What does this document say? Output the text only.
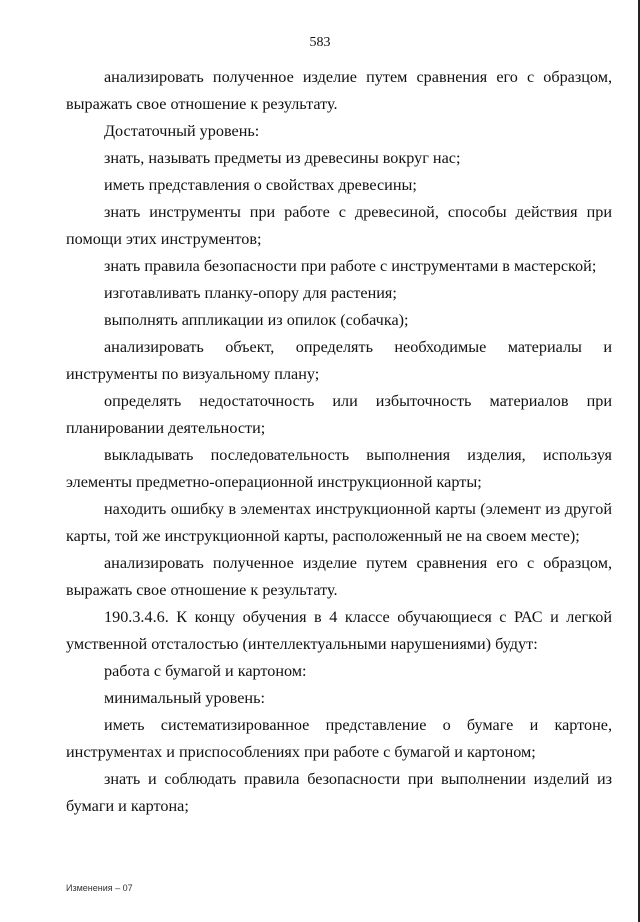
583

анализировать полученное изделие путем сравнения его с образцом, выражать свое отношение к результату.

Достаточный уровень:

знать, называть предметы из древесины вокруг нас;

иметь представления о свойствах древесины;

знать инструменты при работе с древесиной, способы действия при помощи этих инструментов;

знать правила безопасности при работе с инструментами в мастерской;

изготавливать планку-опору для растения;

выполнять аппликации из опилок (собачка);

анализировать объект, определять необходимые материалы и инструменты по визуальному плану;

определять недостаточность или избыточность материалов при планировании деятельности;

выкладывать последовательность выполнения изделия, используя элементы предметно-операционной инструкционной карты;

находить ошибку в элементах инструкционной карты (элемент из другой карты, той же инструкционной карты, расположенный не на своем месте);

анализировать полученное изделие путем сравнения его с образцом, выражать свое отношение к результату.

190.3.4.6. К концу обучения в 4 классе обучающиеся с РАС и легкой умственной отсталостью (интеллектуальными нарушениями) будут:

работа с бумагой и картоном:

минимальный уровень:

иметь систематизированное представление о бумаге и картоне, инструментах и приспособлениях при работе с бумагой и картоном;

знать и соблюдать правила безопасности при выполнении изделий из бумаги и картона;

Изменения – 07
